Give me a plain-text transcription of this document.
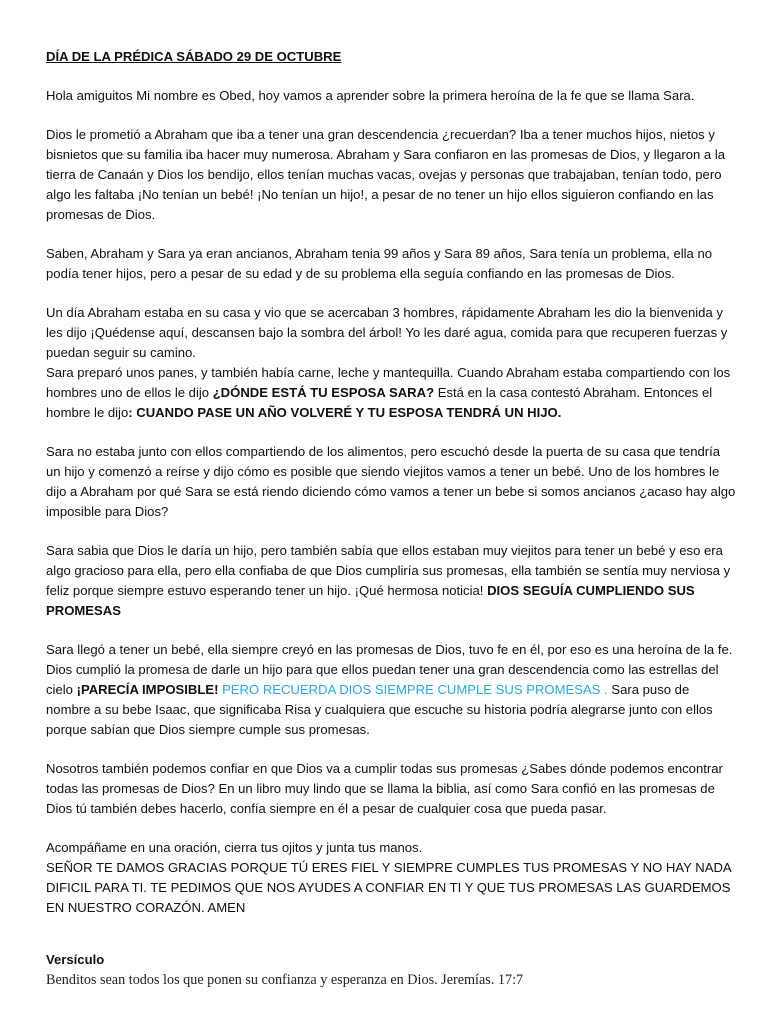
DÍA DE LA PRÉDICA SÁBADO 29 DE OCTUBRE
Hola amiguitos Mi nombre es Obed, hoy vamos a aprender sobre la primera heroína de la fe que se llama Sara.
Dios le prometió a Abraham que iba a tener una gran descendencia ¿recuerdan? Iba a tener muchos hijos, nietos y bisnietos que su familia iba hacer muy numerosa. Abraham y Sara confiaron en las promesas de Dios, y llegaron a la tierra de Canaán y Dios los bendijo, ellos tenían muchas vacas, ovejas y personas que trabajaban, tenían todo, pero algo les faltaba ¡No tenían un bebé! ¡No tenían un hijo!, a pesar de no tener un hijo ellos siguieron confiando en las promesas de Dios.
Saben, Abraham y Sara ya eran ancianos, Abraham tenia 99 años y Sara 89 años, Sara tenía un problema, ella no podía tener hijos, pero a pesar de su edad y de su problema ella seguía confiando en las promesas de Dios.
Un día Abraham estaba en su casa y vio que se acercaban 3 hombres, rápidamente Abraham les dio la bienvenida y les dijo ¡Quédense aquí, descansen bajo la sombra del árbol! Yo les daré agua, comida para que recuperen fuerzas y puedan seguir su camino.
Sara preparó unos panes, y también había carne, leche y mantequilla. Cuando Abraham estaba compartiendo con los hombres uno de ellos le dijo ¿DÓNDE ESTÁ TU ESPOSA SARA? Está en la casa contestó Abraham. Entonces el hombre le dijo: CUANDO PASE UN AÑO VOLVERÉ Y TU ESPOSA TENDRÁ UN HIJO.
Sara no estaba junto con ellos compartiendo de los alimentos, pero escuchó desde la puerta de su casa que tendría un hijo y comenzó a reírse y dijo cómo es posible que siendo viejitos vamos a tener un bebé. Uno de los hombres le dijo a Abraham por qué Sara se está riendo diciendo cómo vamos a tener un bebe si somos ancianos ¿acaso hay algo imposible para Dios?
Sara sabia que Dios le daría un hijo, pero también sabía que ellos estaban muy viejitos para tener un bebé y eso era algo gracioso para ella, pero ella confiaba de que Dios cumpliría sus promesas, ella también se sentía muy nerviosa y feliz porque siempre estuvo esperando tener un hijo. ¡Qué hermosa noticia! DIOS SEGUÍA CUMPLIENDO SUS PROMESAS
Sara llegó a tener un bebé, ella siempre creyó en las promesas de Dios, tuvo fe en él, por eso es una heroína de la fe. Dios cumplió la promesa de darle un hijo para que ellos puedan tener una gran descendencia como las estrellas del cielo ¡PARECÍA IMPOSIBLE! PERO RECUERDA DIOS SIEMPRE CUMPLE SUS PROMESAS . Sara puso de nombre a su bebe Isaac, que significaba Risa y cualquiera que escuche su historia podría alegrarse junto con ellos porque sabían que Dios siempre cumple sus promesas.
Nosotros también podemos confiar en que Dios va a cumplir todas sus promesas ¿Sabes dónde podemos encontrar todas las promesas de Dios? En un libro muy lindo que se llama la biblia, así como Sara confió en las promesas de Dios tú también debes hacerlo, confía siempre en él a pesar de cualquier cosa que pueda pasar.
Acompáñame en una oración, cierra tus ojitos y junta tus manos.
SEÑOR TE DAMOS GRACIAS PORQUE TÚ ERES FIEL Y SIEMPRE CUMPLES TUS PROMESAS Y NO HAY NADA DIFICIL PARA TI. TE PEDIMOS QUE NOS AYUDES A CONFIAR EN TI Y QUE TUS PROMESAS LAS GUARDEMOS EN NUESTRO CORAZÓN. AMEN
Versículo
Benditos sean todos los que ponen su confianza y esperanza en Dios. Jeremías. 17:7
